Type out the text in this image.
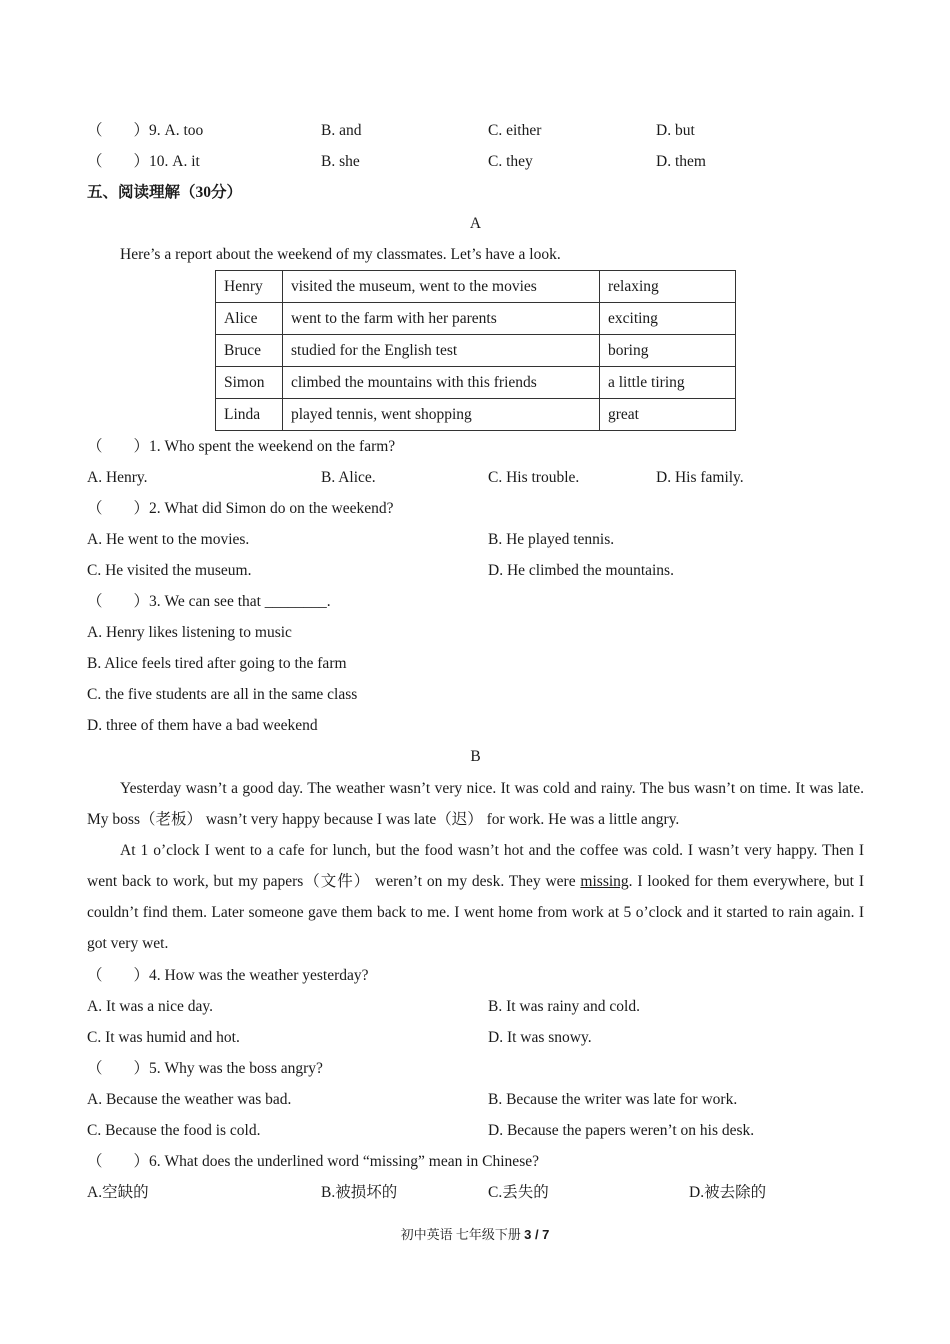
（　　）9. A. too	B. and	C. either	D. but
（　　）10. A. it	B. she	C. they	D. them
五、阅读理解（30分）
A
Here’s a report about the weekend of my classmates. Let’s have a look.
Henry	visited the museum, went to the movies	relaxing
Alice	went to the farm with her parents	exciting
Bruce	studied for the English test	boring
Simon	climbed the mountains with this friends	a little tiring
Linda	played tennis, went shopping	great
（　　）1. Who spent the weekend on the farm?
A. Henry.	B. Alice.	C. His trouble.	D. His family.
（　　）2. What did Simon do on the weekend?
A. He went to the movies.	B. He played tennis.
C. He visited the museum.	D. He climbed the mountains.
（　　）3. We can see that ________.
A. Henry likes listening to music
B. Alice feels tired after going to the farm
C. the five students are all in the same class
D. three of them have a bad weekend
B
Yesterday wasn’t a good day. The weather wasn’t very nice. It was cold and rainy. The bus wasn’t on time. It was late. My boss（老板） wasn’t very happy because I was late（迟） for work. He was a little angry.
At 1 o’clock I went to a cafe for lunch, but the food wasn’t hot and the coffee was cold. I wasn’t very happy. Then I went back to work, but my papers（文件） weren’t on my desk. They were missing. I looked for them everywhere, but I couldn’t find them. Later someone gave them back to me. I went home from work at 5 o’clock and it started to rain again. I got very wet.
（　　）4. How was the weather yesterday?
A. It was a nice day.	B. It was rainy and cold.
C. It was humid and hot.	D. It was snowy.
（　　）5. Why was the boss angry?
A. Because the weather was bad.	B. Because the writer was late for work.
C. Because the food is cold.	D. Because the papers weren’t on his desk.
（　　）6. What does the underlined word “missing” mean in Chinese?
A.空缺的	B.被损坏的	C.丢失的	D.被去除的
初中英语 七年级下册 3 / 7
